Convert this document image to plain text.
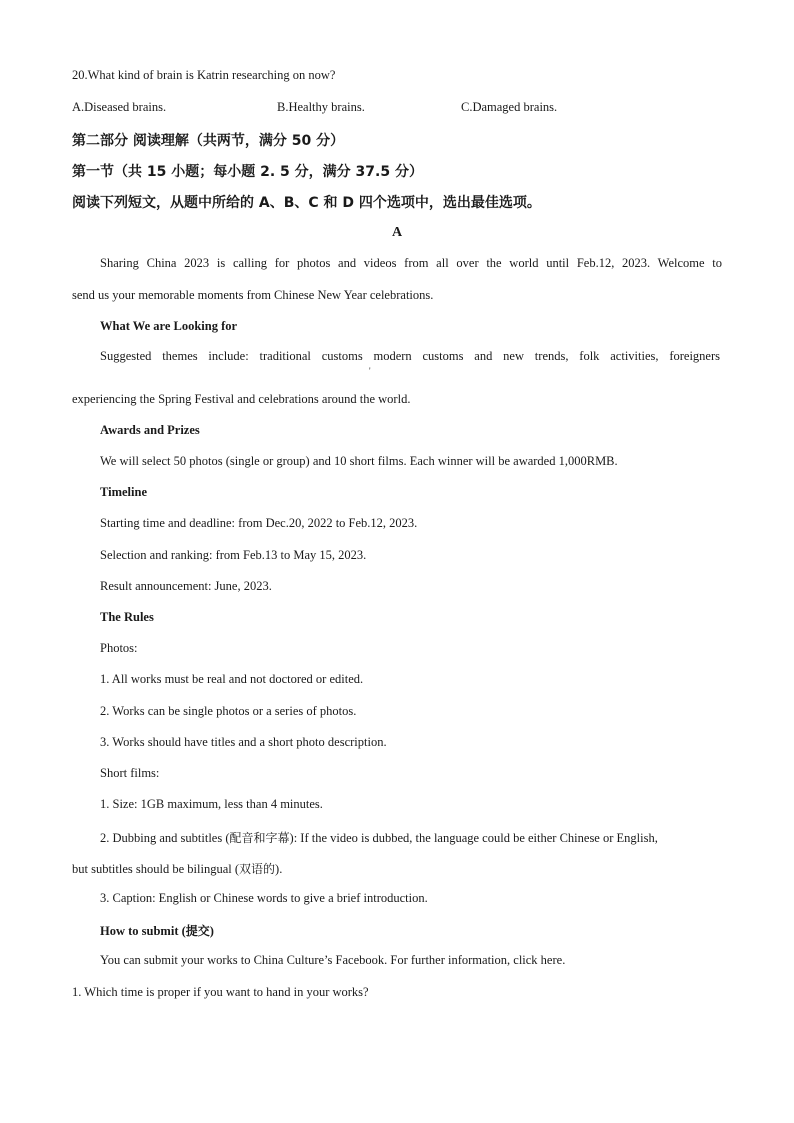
20.What kind of brain is Katrin researching on now?
A.Diseased brains.	B.Healthy brains.	C.Damaged brains.
第二部分 阅读理解（共两节，满分 50 分）
第一节（共 15 小题；每小题 2. 5 分，满分 37.5 分）
阅读下列短文，从题中所给的 A、B、C 和 D 四个选项中，选出最佳选项。
A
Sharing China 2023 is calling for photos and videos from all over the world until Feb.12, 2023. Welcome to
send us your memorable moments from Chinese New Year celebrations.
What We are Looking for
Suggested themes include: traditional customs modern customs and new trends, folk activities, foreigners
'
experiencing the Spring Festival and celebrations around the world.
Awards and Prizes
We will select 50 photos (single or group) and 10 short films. Each winner will be awarded 1,000RMB.
Timeline
Starting time and deadline: from Dec.20, 2022 to Feb.12, 2023.
Selection and ranking: from Feb.13 to May 15, 2023.
Result announcement: June, 2023.
The Rules
Photos:
1. All works must be real and not doctored or edited.
2. Works can be single photos or a series of photos.
3. Works should have titles and a short photo description.
Short films:
1. Size: 1GB maximum, less than 4 minutes.
2. Dubbing and subtitles (配音和字幕): If the video is dubbed, the language could be either Chinese or English,
but subtitles should be bilingual (双语的).
3. Caption: English or Chinese words to give a brief introduction.
How to submit (提交)
You can submit your works to China Culture’s Facebook. For further information, click here.
1. Which time is proper if you want to hand in your works?
